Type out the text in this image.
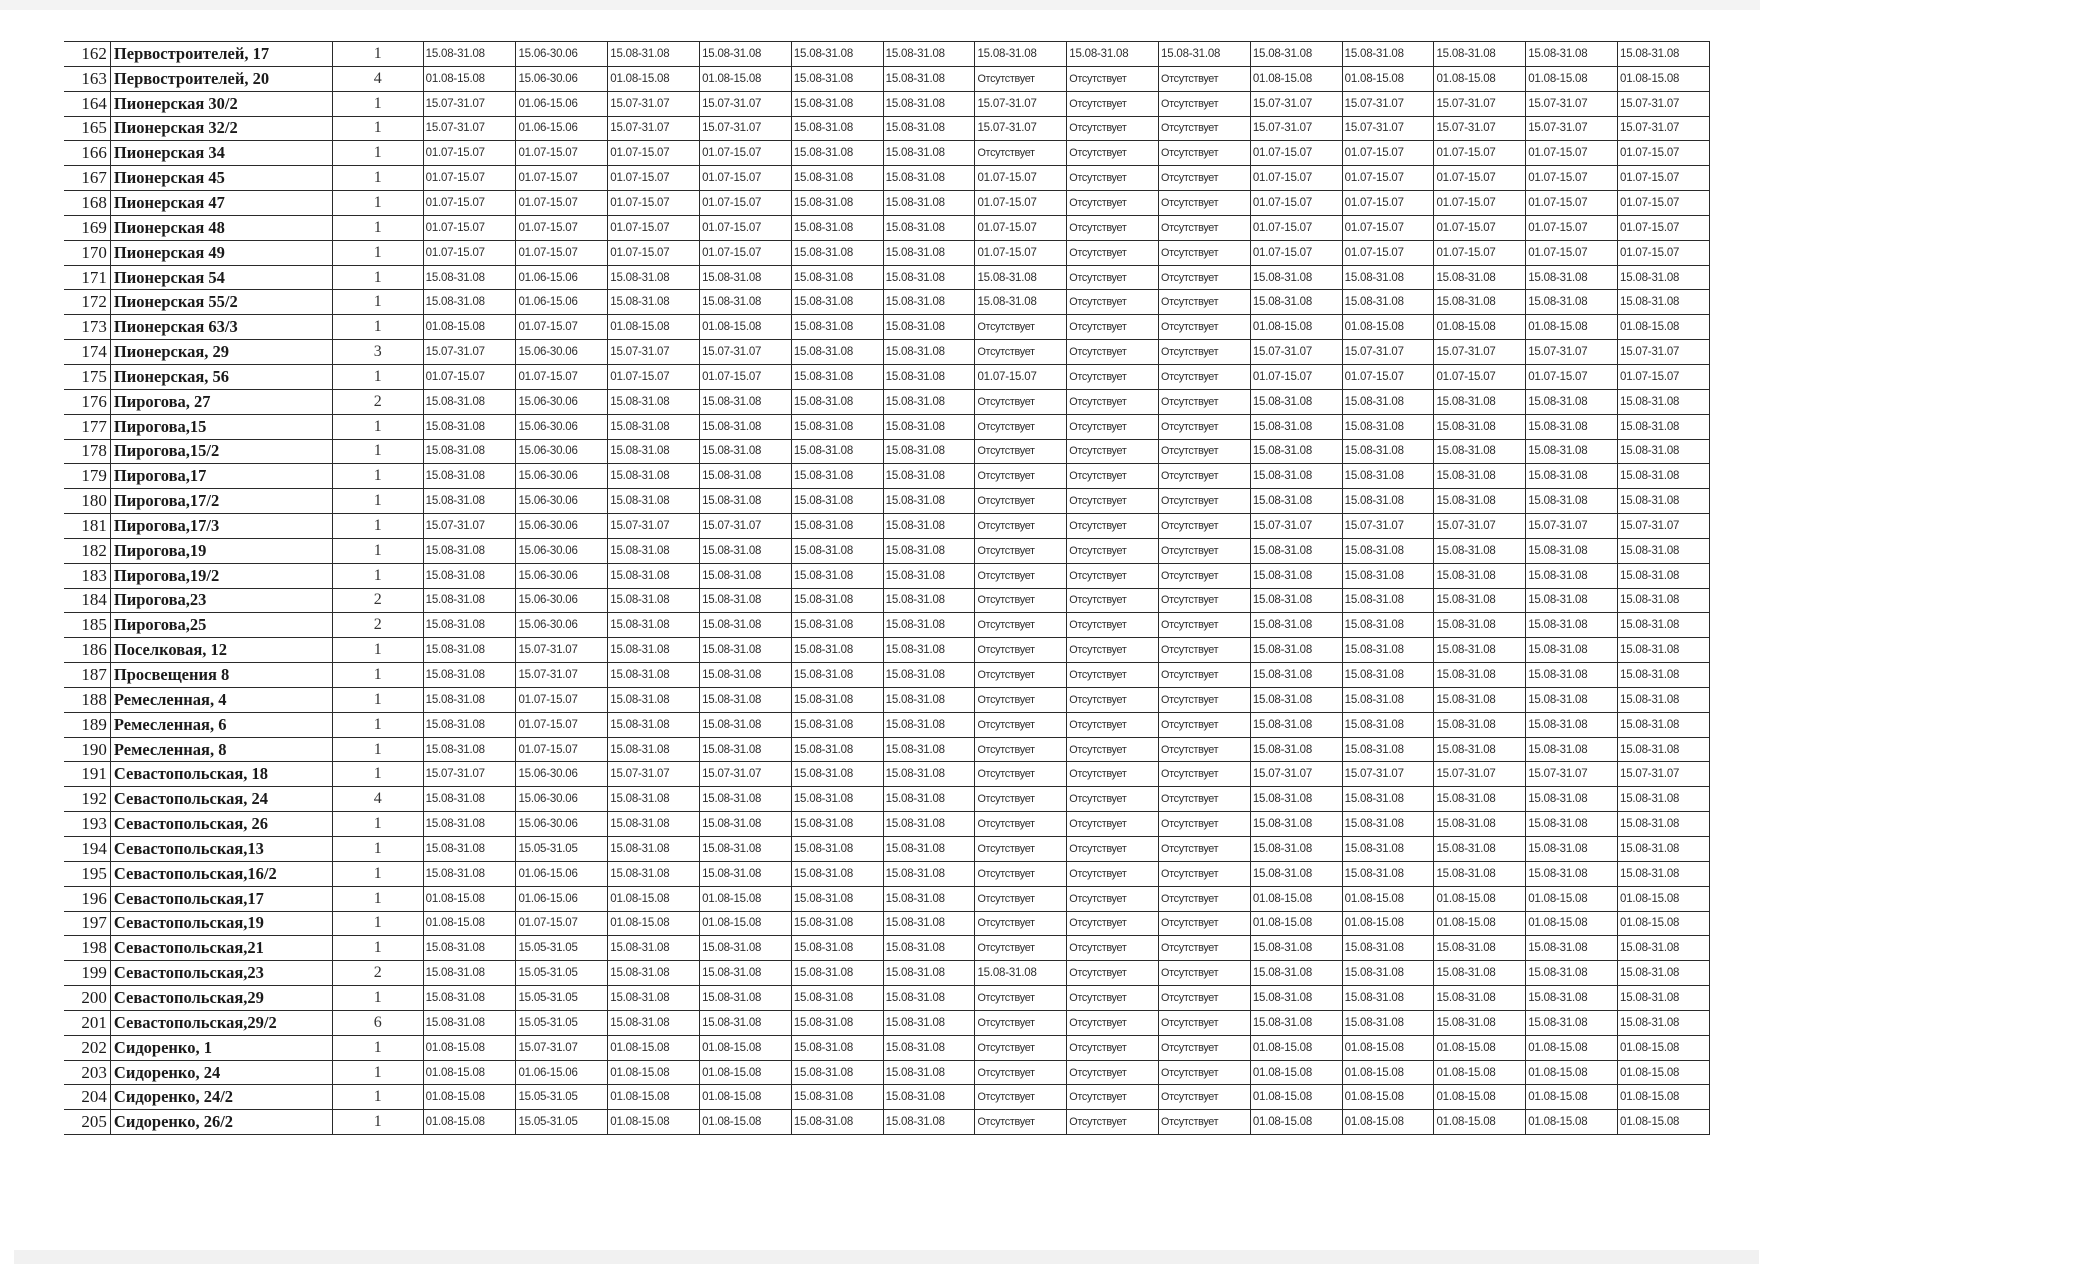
162	Первостроителей, 17	1	15.08-31.08	15.06-30.06	15.08-31.08	15.08-31.08	15.08-31.08	15.08-31.08	15.08-31.08	15.08-31.08	15.08-31.08	15.08-31.08	15.08-31.08	15.08-31.08	15.08-31.08	15.08-31.08
163	Первостроителей, 20	4	01.08-15.08	15.06-30.06	01.08-15.08	01.08-15.08	15.08-31.08	15.08-31.08	Отсутствует	Отсутствует	Отсутствует	01.08-15.08	01.08-15.08	01.08-15.08	01.08-15.08	01.08-15.08
164	Пионерская 30/2	1	15.07-31.07	01.06-15.06	15.07-31.07	15.07-31.07	15.08-31.08	15.08-31.08	15.07-31.07	Отсутствует	Отсутствует	15.07-31.07	15.07-31.07	15.07-31.07	15.07-31.07	15.07-31.07
165	Пионерская 32/2	1	15.07-31.07	01.06-15.06	15.07-31.07	15.07-31.07	15.08-31.08	15.08-31.08	15.07-31.07	Отсутствует	Отсутствует	15.07-31.07	15.07-31.07	15.07-31.07	15.07-31.07	15.07-31.07
166	Пионерская 34	1	01.07-15.07	01.07-15.07	01.07-15.07	01.07-15.07	15.08-31.08	15.08-31.08	Отсутствует	Отсутствует	Отсутствует	01.07-15.07	01.07-15.07	01.07-15.07	01.07-15.07	01.07-15.07
167	Пионерская 45	1	01.07-15.07	01.07-15.07	01.07-15.07	01.07-15.07	15.08-31.08	15.08-31.08	01.07-15.07	Отсутствует	Отсутствует	01.07-15.07	01.07-15.07	01.07-15.07	01.07-15.07	01.07-15.07
168	Пионерская 47	1	01.07-15.07	01.07-15.07	01.07-15.07	01.07-15.07	15.08-31.08	15.08-31.08	01.07-15.07	Отсутствует	Отсутствует	01.07-15.07	01.07-15.07	01.07-15.07	01.07-15.07	01.07-15.07
169	Пионерская 48	1	01.07-15.07	01.07-15.07	01.07-15.07	01.07-15.07	15.08-31.08	15.08-31.08	01.07-15.07	Отсутствует	Отсутствует	01.07-15.07	01.07-15.07	01.07-15.07	01.07-15.07	01.07-15.07
170	Пионерская 49	1	01.07-15.07	01.07-15.07	01.07-15.07	01.07-15.07	15.08-31.08	15.08-31.08	01.07-15.07	Отсутствует	Отсутствует	01.07-15.07	01.07-15.07	01.07-15.07	01.07-15.07	01.07-15.07
171	Пионерская 54	1	15.08-31.08	01.06-15.06	15.08-31.08	15.08-31.08	15.08-31.08	15.08-31.08	15.08-31.08	Отсутствует	Отсутствует	15.08-31.08	15.08-31.08	15.08-31.08	15.08-31.08	15.08-31.08
172	Пионерская 55/2	1	15.08-31.08	01.06-15.06	15.08-31.08	15.08-31.08	15.08-31.08	15.08-31.08	15.08-31.08	Отсутствует	Отсутствует	15.08-31.08	15.08-31.08	15.08-31.08	15.08-31.08	15.08-31.08
173	Пионерская 63/3	1	01.08-15.08	01.07-15.07	01.08-15.08	01.08-15.08	15.08-31.08	15.08-31.08	Отсутствует	Отсутствует	Отсутствует	01.08-15.08	01.08-15.08	01.08-15.08	01.08-15.08	01.08-15.08
174	Пионерская, 29	3	15.07-31.07	15.06-30.06	15.07-31.07	15.07-31.07	15.08-31.08	15.08-31.08	Отсутствует	Отсутствует	Отсутствует	15.07-31.07	15.07-31.07	15.07-31.07	15.07-31.07	15.07-31.07
175	Пионерская, 56	1	01.07-15.07	01.07-15.07	01.07-15.07	01.07-15.07	15.08-31.08	15.08-31.08	01.07-15.07	Отсутствует	Отсутствует	01.07-15.07	01.07-15.07	01.07-15.07	01.07-15.07	01.07-15.07
176	Пирогова, 27	2	15.08-31.08	15.06-30.06	15.08-31.08	15.08-31.08	15.08-31.08	15.08-31.08	Отсутствует	Отсутствует	Отсутствует	15.08-31.08	15.08-31.08	15.08-31.08	15.08-31.08	15.08-31.08
177	Пирогова,15	1	15.08-31.08	15.06-30.06	15.08-31.08	15.08-31.08	15.08-31.08	15.08-31.08	Отсутствует	Отсутствует	Отсутствует	15.08-31.08	15.08-31.08	15.08-31.08	15.08-31.08	15.08-31.08
178	Пирогова,15/2	1	15.08-31.08	15.06-30.06	15.08-31.08	15.08-31.08	15.08-31.08	15.08-31.08	Отсутствует	Отсутствует	Отсутствует	15.08-31.08	15.08-31.08	15.08-31.08	15.08-31.08	15.08-31.08
179	Пирогова,17	1	15.08-31.08	15.06-30.06	15.08-31.08	15.08-31.08	15.08-31.08	15.08-31.08	Отсутствует	Отсутствует	Отсутствует	15.08-31.08	15.08-31.08	15.08-31.08	15.08-31.08	15.08-31.08
180	Пирогова,17/2	1	15.08-31.08	15.06-30.06	15.08-31.08	15.08-31.08	15.08-31.08	15.08-31.08	Отсутствует	Отсутствует	Отсутствует	15.08-31.08	15.08-31.08	15.08-31.08	15.08-31.08	15.08-31.08
181	Пирогова,17/3	1	15.07-31.07	15.06-30.06	15.07-31.07	15.07-31.07	15.08-31.08	15.08-31.08	Отсутствует	Отсутствует	Отсутствует	15.07-31.07	15.07-31.07	15.07-31.07	15.07-31.07	15.07-31.07
182	Пирогова,19	1	15.08-31.08	15.06-30.06	15.08-31.08	15.08-31.08	15.08-31.08	15.08-31.08	Отсутствует	Отсутствует	Отсутствует	15.08-31.08	15.08-31.08	15.08-31.08	15.08-31.08	15.08-31.08
183	Пирогова,19/2	1	15.08-31.08	15.06-30.06	15.08-31.08	15.08-31.08	15.08-31.08	15.08-31.08	Отсутствует	Отсутствует	Отсутствует	15.08-31.08	15.08-31.08	15.08-31.08	15.08-31.08	15.08-31.08
184	Пирогова,23	2	15.08-31.08	15.06-30.06	15.08-31.08	15.08-31.08	15.08-31.08	15.08-31.08	Отсутствует	Отсутствует	Отсутствует	15.08-31.08	15.08-31.08	15.08-31.08	15.08-31.08	15.08-31.08
185	Пирогова,25	2	15.08-31.08	15.06-30.06	15.08-31.08	15.08-31.08	15.08-31.08	15.08-31.08	Отсутствует	Отсутствует	Отсутствует	15.08-31.08	15.08-31.08	15.08-31.08	15.08-31.08	15.08-31.08
186	Поселковая, 12	1	15.08-31.08	15.07-31.07	15.08-31.08	15.08-31.08	15.08-31.08	15.08-31.08	Отсутствует	Отсутствует	Отсутствует	15.08-31.08	15.08-31.08	15.08-31.08	15.08-31.08	15.08-31.08
187	Просвещения 8	1	15.08-31.08	15.07-31.07	15.08-31.08	15.08-31.08	15.08-31.08	15.08-31.08	Отсутствует	Отсутствует	Отсутствует	15.08-31.08	15.08-31.08	15.08-31.08	15.08-31.08	15.08-31.08
188	Ремесленная, 4	1	15.08-31.08	01.07-15.07	15.08-31.08	15.08-31.08	15.08-31.08	15.08-31.08	Отсутствует	Отсутствует	Отсутствует	15.08-31.08	15.08-31.08	15.08-31.08	15.08-31.08	15.08-31.08
189	Ремесленная, 6	1	15.08-31.08	01.07-15.07	15.08-31.08	15.08-31.08	15.08-31.08	15.08-31.08	Отсутствует	Отсутствует	Отсутствует	15.08-31.08	15.08-31.08	15.08-31.08	15.08-31.08	15.08-31.08
190	Ремесленная, 8	1	15.08-31.08	01.07-15.07	15.08-31.08	15.08-31.08	15.08-31.08	15.08-31.08	Отсутствует	Отсутствует	Отсутствует	15.08-31.08	15.08-31.08	15.08-31.08	15.08-31.08	15.08-31.08
191	Севастопольская, 18	1	15.07-31.07	15.06-30.06	15.07-31.07	15.07-31.07	15.08-31.08	15.08-31.08	Отсутствует	Отсутствует	Отсутствует	15.07-31.07	15.07-31.07	15.07-31.07	15.07-31.07	15.07-31.07
192	Севастопольская, 24	4	15.08-31.08	15.06-30.06	15.08-31.08	15.08-31.08	15.08-31.08	15.08-31.08	Отсутствует	Отсутствует	Отсутствует	15.08-31.08	15.08-31.08	15.08-31.08	15.08-31.08	15.08-31.08
193	Севастопольская, 26	1	15.08-31.08	15.06-30.06	15.08-31.08	15.08-31.08	15.08-31.08	15.08-31.08	Отсутствует	Отсутствует	Отсутствует	15.08-31.08	15.08-31.08	15.08-31.08	15.08-31.08	15.08-31.08
194	Севастопольская,13	1	15.08-31.08	15.05-31.05	15.08-31.08	15.08-31.08	15.08-31.08	15.08-31.08	Отсутствует	Отсутствует	Отсутствует	15.08-31.08	15.08-31.08	15.08-31.08	15.08-31.08	15.08-31.08
195	Севастопольская,16/2	1	15.08-31.08	01.06-15.06	15.08-31.08	15.08-31.08	15.08-31.08	15.08-31.08	Отсутствует	Отсутствует	Отсутствует	15.08-31.08	15.08-31.08	15.08-31.08	15.08-31.08	15.08-31.08
196	Севастопольская,17	1	01.08-15.08	01.06-15.06	01.08-15.08	01.08-15.08	15.08-31.08	15.08-31.08	Отсутствует	Отсутствует	Отсутствует	01.08-15.08	01.08-15.08	01.08-15.08	01.08-15.08	01.08-15.08
197	Севастопольская,19	1	01.08-15.08	01.07-15.07	01.08-15.08	01.08-15.08	15.08-31.08	15.08-31.08	Отсутствует	Отсутствует	Отсутствует	01.08-15.08	01.08-15.08	01.08-15.08	01.08-15.08	01.08-15.08
198	Севастопольская,21	1	15.08-31.08	15.05-31.05	15.08-31.08	15.08-31.08	15.08-31.08	15.08-31.08	Отсутствует	Отсутствует	Отсутствует	15.08-31.08	15.08-31.08	15.08-31.08	15.08-31.08	15.08-31.08
199	Севастопольская,23	2	15.08-31.08	15.05-31.05	15.08-31.08	15.08-31.08	15.08-31.08	15.08-31.08	15.08-31.08	Отсутствует	Отсутствует	15.08-31.08	15.08-31.08	15.08-31.08	15.08-31.08	15.08-31.08
200	Севастопольская,29	1	15.08-31.08	15.05-31.05	15.08-31.08	15.08-31.08	15.08-31.08	15.08-31.08	Отсутствует	Отсутствует	Отсутствует	15.08-31.08	15.08-31.08	15.08-31.08	15.08-31.08	15.08-31.08
201	Севастопольская,29/2	6	15.08-31.08	15.05-31.05	15.08-31.08	15.08-31.08	15.08-31.08	15.08-31.08	Отсутствует	Отсутствует	Отсутствует	15.08-31.08	15.08-31.08	15.08-31.08	15.08-31.08	15.08-31.08
202	Сидоренко, 1	1	01.08-15.08	15.07-31.07	01.08-15.08	01.08-15.08	15.08-31.08	15.08-31.08	Отсутствует	Отсутствует	Отсутствует	01.08-15.08	01.08-15.08	01.08-15.08	01.08-15.08	01.08-15.08
203	Сидоренко, 24	1	01.08-15.08	01.06-15.06	01.08-15.08	01.08-15.08	15.08-31.08	15.08-31.08	Отсутствует	Отсутствует	Отсутствует	01.08-15.08	01.08-15.08	01.08-15.08	01.08-15.08	01.08-15.08
204	Сидоренко, 24/2	1	01.08-15.08	15.05-31.05	01.08-15.08	01.08-15.08	15.08-31.08	15.08-31.08	Отсутствует	Отсутствует	Отсутствует	01.08-15.08	01.08-15.08	01.08-15.08	01.08-15.08	01.08-15.08
205	Сидоренко, 26/2	1	01.08-15.08	15.05-31.05	01.08-15.08	01.08-15.08	15.08-31.08	15.08-31.08	Отсутствует	Отсутствует	Отсутствует	01.08-15.08	01.08-15.08	01.08-15.08	01.08-15.08	01.08-15.08
